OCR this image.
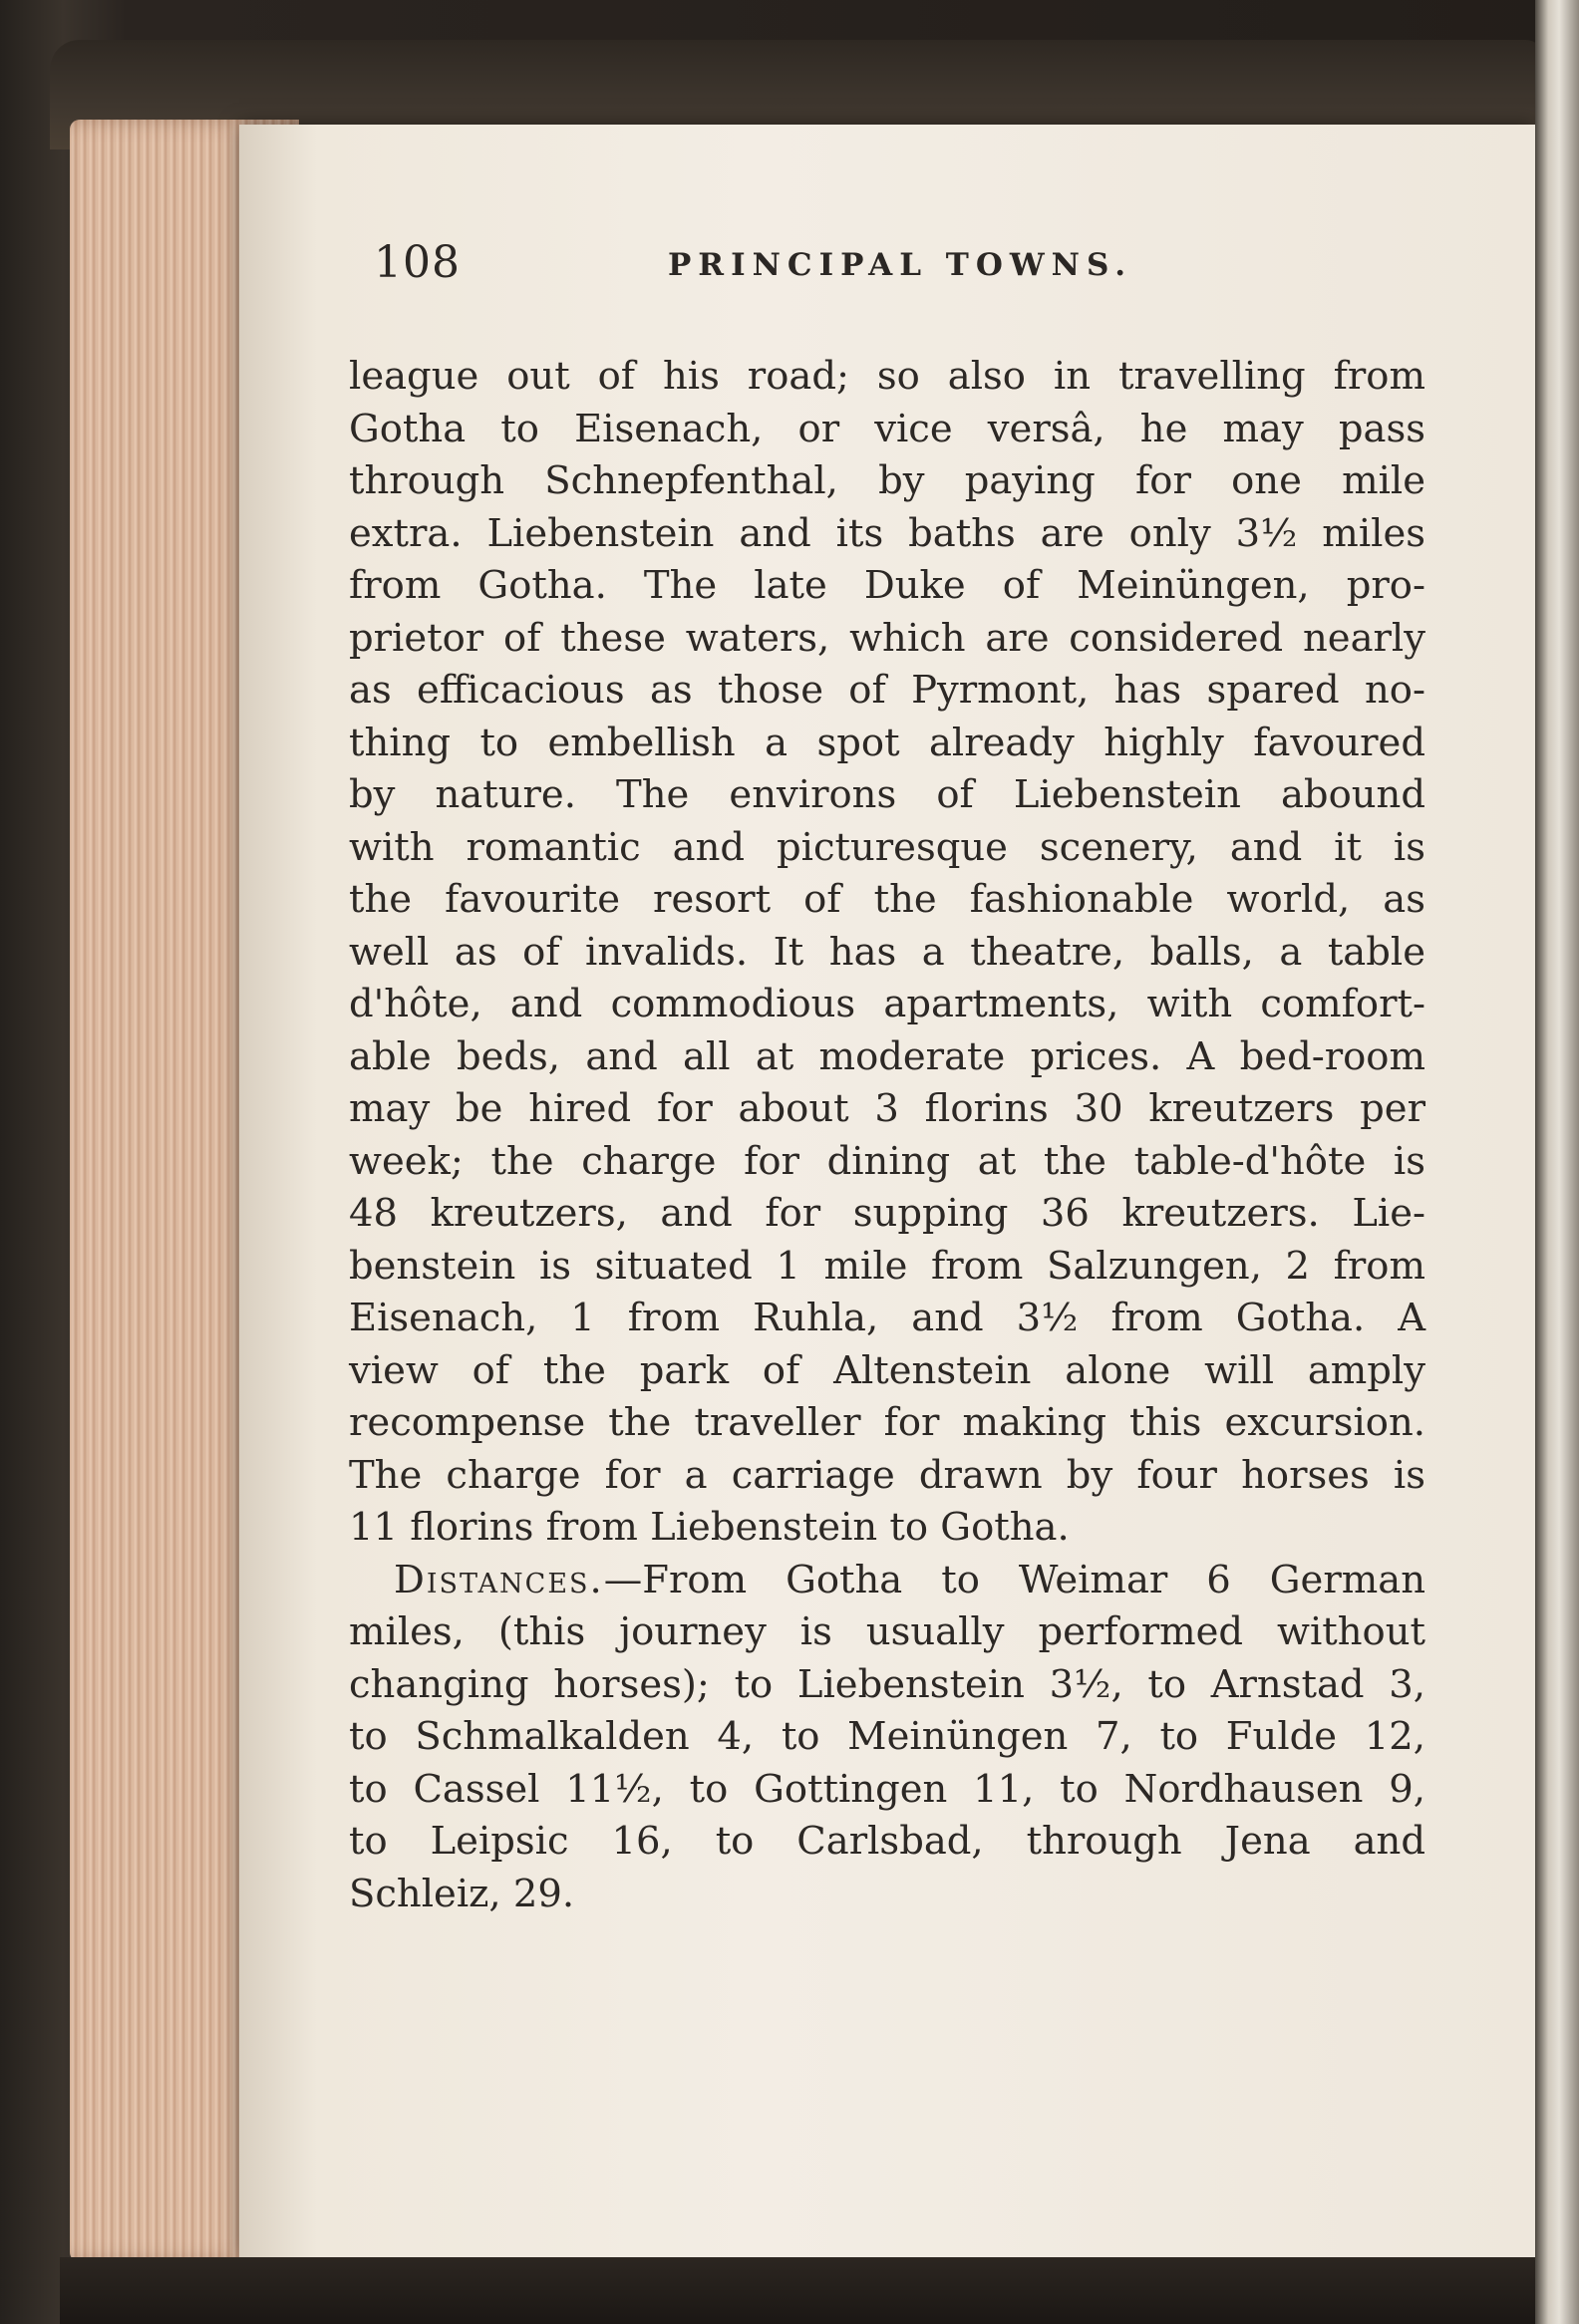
108	PRINCIPAL TOWNS.
league out of his road; so also in travelling from
Gotha to Eisenach, or vice versâ, he may pass
through Schnepfenthal, by paying for one mile
extra. Liebenstein and its baths are only 3½ miles
from Gotha. The late Duke of Meinüngen, pro-
prietor of these waters, which are considered nearly
as efficacious as those of Pyrmont, has spared no-
thing to embellish a spot already highly favoured
by nature. The environs of Liebenstein abound
with romantic and picturesque scenery, and it is
the favourite resort of the fashionable world, as
well as of invalids. It has a theatre, balls, a table
d'hôte, and commodious apartments, with comfort-
able beds, and all at moderate prices. A bed-room
may be hired for about 3 florins 30 kreutzers per
week; the charge for dining at the table-d'hôte is
48 kreutzers, and for supping 36 kreutzers. Lie-
benstein is situated 1 mile from Salzungen, 2 from
Eisenach, 1 from Ruhla, and 3½ from Gotha. A
view of the park of Altenstein alone will amply
recompense the traveller for making this excursion.
The charge for a carriage drawn by four horses is
11 florins from Liebenstein to Gotha.
Distances.—From Gotha to Weimar 6 German
miles, (this journey is usually performed without
changing horses); to Liebenstein 3½, to Arnstad 3,
to Schmalkalden 4, to Meinüngen 7, to Fulde 12,
to Cassel 11½, to Gottingen 11, to Nordhausen 9,
to Leipsic 16, to Carlsbad, through Jena and
Schleiz, 29.
